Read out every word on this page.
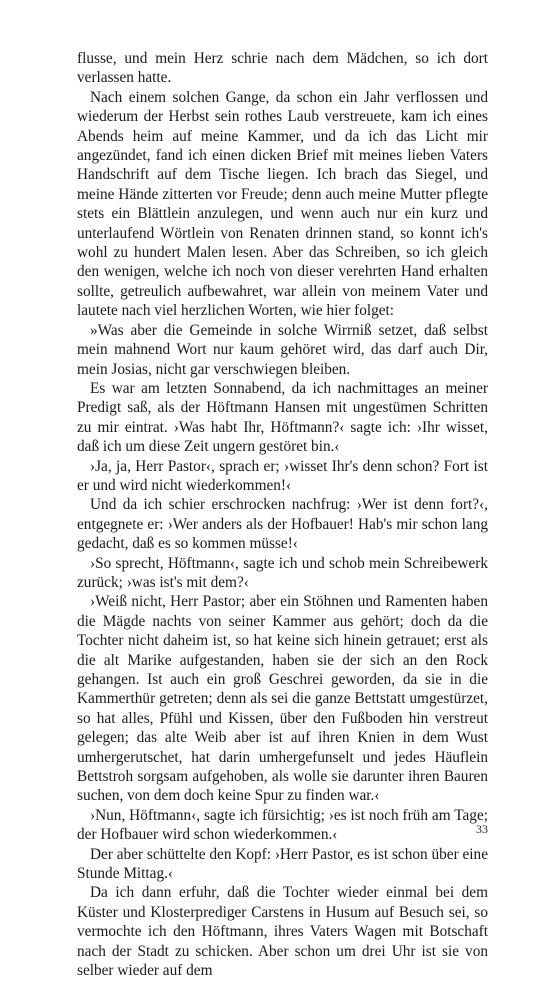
flusse, und mein Herz schrie nach dem Mädchen, so ich dort verlassen hatte.

Nach einem solchen Gange, da schon ein Jahr verflossen und wiederum der Herbst sein rothes Laub verstreuete, kam ich eines Abends heim auf meine Kammer, und da ich das Licht mir angezündet, fand ich einen dicken Brief mit meines lieben Vaters Handschrift auf dem Tische liegen. Ich brach das Siegel, und meine Hände zitterten vor Freude; denn auch meine Mutter pflegte stets ein Blättlein anzulegen, und wenn auch nur ein kurz und unterlaufend Wörtlein von Renaten drinnen stand, so konnt ich's wohl zu hundert Malen lesen. Aber das Schreiben, so ich gleich den wenigen, welche ich noch von dieser verehrten Hand erhalten sollte, getreulich aufbewahret, war allein von meinem Vater und lautete nach viel herzlichen Worten, wie hier folget:

»Was aber die Gemeinde in solche Wirrniß setzet, daß selbst mein mahnend Wort nur kaum gehöret wird, das darf auch Dir, mein Josias, nicht gar verschwiegen bleiben.

Es war am letzten Sonnabend, da ich nachmittages an meiner Predigt saß, als der Höftmann Hansen mit ungestümen Schritten zu mir eintrat. ›Was habt Ihr, Höftmann?‹ sagte ich: ›Ihr wisset, daß ich um diese Zeit ungern gestöret bin.‹

›Ja, ja, Herr Pastor‹, sprach er; ›wisset Ihr's denn schon? Fort ist er und wird nicht wiederkommen!‹

Und da ich schier erschrocken nachfrug: ›Wer ist denn fort?‹, entgegnete er: ›Wer anders als der Hofbauer! Hab's mir schon lang gedacht, daß es so kommen müsse!‹

›So sprecht, Höftmann‹, sagte ich und schob mein Schreibewerk zurück; ›was ist's mit dem?‹

›Weiß nicht, Herr Pastor; aber ein Stöhnen und Ramenten haben die Mägde nachts von seiner Kammer aus gehört; doch da die Tochter nicht daheim ist, so hat keine sich hinein getrauet; erst als die alt Marike aufgestanden, haben sie der sich an den Rock gehangen. Ist auch ein groß Geschrei geworden, da sie in die Kammerthür getreten; denn als sei die ganze Bettstatt umgestürzet, so hat alles, Pfühl und Kissen, über den Fußboden hin verstreut gelegen; das alte Weib aber ist auf ihren Knien in dem Wust umhergerutschet, hat darin umhergefunselt und jedes Häuflein Bettstroh sorgsam aufgehoben, als wolle sie darunter ihren Bauren suchen, von dem doch keine Spur zu finden war.‹

›Nun, Höftmann‹, sagte ich fürsichtig; ›es ist noch früh am Tage; der Hofbauer wird schon wiederkommen.‹

Der aber schüttelte den Kopf: ›Herr Pastor, es ist schon über eine Stunde Mittag.‹

Da ich dann erfuhr, daß die Tochter wieder einmal bei dem Küster und Klosterprediger Carstens in Husum auf Besuch sei, so vermochte ich den Höftmann, ihres Vaters Wagen mit Botschaft nach der Stadt zu schicken. Aber schon um drei Uhr ist sie von selber wieder auf dem

33
